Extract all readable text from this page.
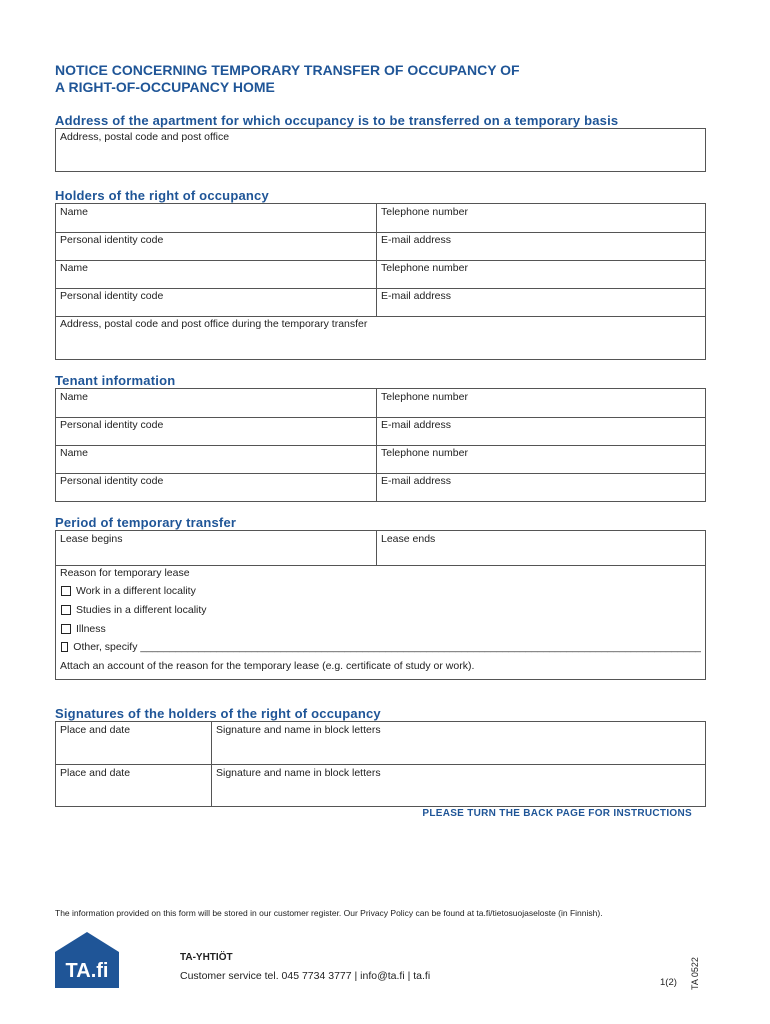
NOTICE CONCERNING TEMPORARY TRANSFER OF OCCUPANCY OF
A RIGHT-OF-OCCUPANCY HOME
Address of the apartment for which occupancy is to be transferred on a temporary basis
Address, postal code and post office
Holders of the right of occupancy
Name	Telephone number
Personal identity code	E-mail address
Name	Telephone number
Personal identity code	E-mail address
Address, postal code and post office during the temporary transfer
Tenant information
Name	Telephone number
Personal identity code	E-mail address
Name	Telephone number
Personal identity code	E-mail address
Period of temporary transfer
Lease begins	Lease ends
Reason for temporary lease
Work in a different locality
Studies in a different locality
Illness
Other, specify ________________________________________________________________________________________________
Attach an account of the reason for the temporary lease (e.g. certificate of study or work).
Signatures of the holders of the right of occupancy
Place and date	Signature and name in block letters
Place and date	Signature and name in block letters
PLEASE TURN THE BACK PAGE FOR INSTRUCTIONS
The information provided on this form will be stored in our customer register. Our Privacy Policy can be found at ta.fi/tietosuojaseloste (in Finnish).
TA.fi
TA-YHTIÖT
Customer service tel. 045 7734 3777 | info@ta.fi | ta.fi
1(2) TA 0522
